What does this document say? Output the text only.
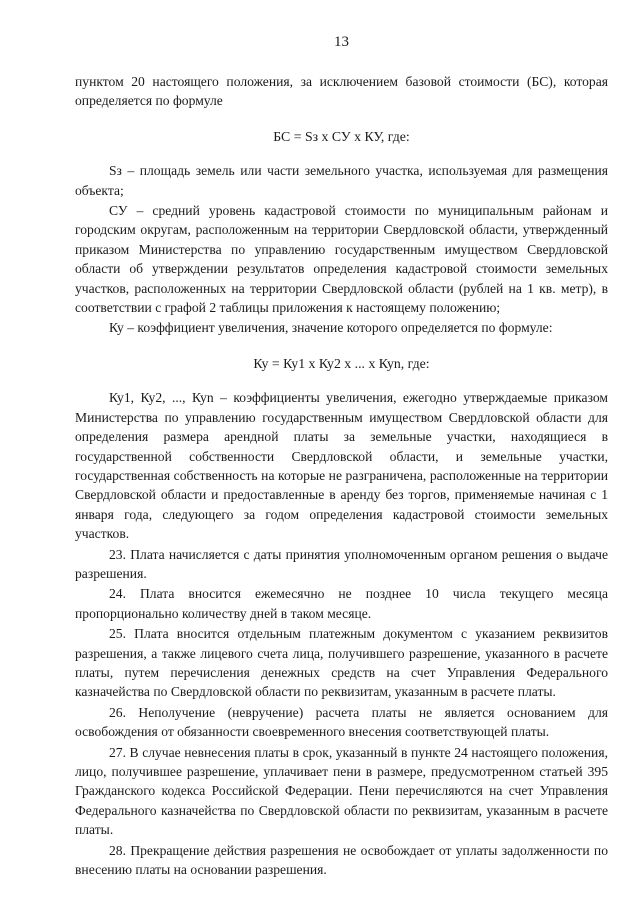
13

пунктом 20 настоящего положения, за исключением базовой стоимости (БС), которая определяется по формуле

БС = Sз х СУ х КУ, где:

Sз – площадь земель или части земельного участка, используемая для размещения объекта;

СУ – средний уровень кадастровой стоимости по муниципальным районам и городским округам, расположенным на территории Свердловской области, утвержденный приказом Министерства по управлению государственным имуществом Свердловской области об утверждении результатов определения кадастровой стоимости земельных участков, расположенных на территории Свердловской области (рублей на 1 кв. метр), в соответствии с графой 2 таблицы приложения к настоящему положению;

Ку – коэффициент увеличения, значение которого определяется по формуле:

Ку = Ку1 х Ку2 х ... х Куn, где:

Ку1, Ку2, ..., Куn – коэффициенты увеличения, ежегодно утверждаемые приказом Министерства по управлению государственным имуществом Свердловской области для определения размера арендной платы за земельные участки, находящиеся в государственной собственности Свердловской области, и земельные участки, государственная собственность на которые не разграничена, расположенные на территории Свердловской области и предоставленные в аренду без торгов, применяемые начиная с 1 января года, следующего за годом определения кадастровой стоимости земельных участков.

23. Плата начисляется с даты принятия уполномоченным органом решения о выдаче разрешения.

24. Плата вносится ежемесячно не позднее 10 числа текущего месяца пропорционально количеству дней в таком месяце.

25. Плата вносится отдельным платежным документом с указанием реквизитов разрешения, а также лицевого счета лица, получившего разрешение, указанного в расчете платы, путем перечисления денежных средств на счет Управления Федерального казначейства по Свердловской области по реквизитам, указанным в расчете платы.

26. Неполучение (невручение) расчета платы не является основанием для освобождения от обязанности своевременного внесения соответствующей платы.

27. В случае невнесения платы в срок, указанный в пункте 24 настоящего положения, лицо, получившее разрешение, уплачивает пени в размере, предусмотренном статьей 395 Гражданского кодекса Российской Федерации. Пени перечисляются на счет Управления Федерального казначейства по Свердловской области по реквизитам, указанным в расчете платы.

28. Прекращение действия разрешения не освобождает от уплаты задолженности по внесению платы на основании разрешения.
